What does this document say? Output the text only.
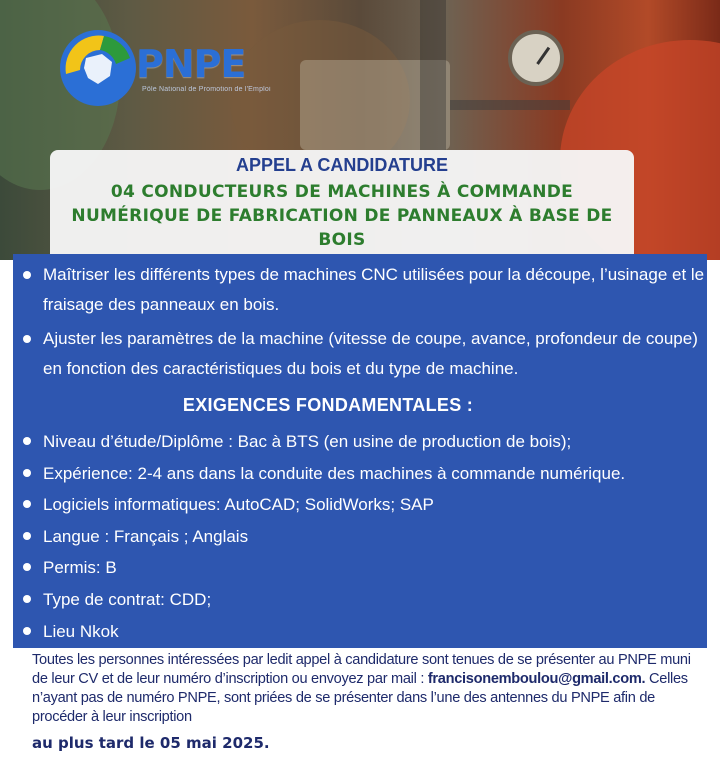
PNPE
Pôle National de Promotion de l'Emploi
APPEL A CANDIDATURE
04 CONDUCTEURS DE MACHINES À COMMANDE NUMÉRIQUE DE FABRICATION DE PANNEAUX À BASE DE BOIS
Maîtriser les différents types de machines CNC utilisées pour la découpe, l’usinage et le fraisage des panneaux en bois.
Ajuster les paramètres de la machine (vitesse de coupe, avance, profondeur de coupe) en fonction des caractéristiques du bois et du type de machine.
EXIGENCES FONDAMENTALES :
Niveau d’étude/Diplôme : Bac à BTS (en usine de production de bois);
Expérience: 2-4 ans dans la conduite des machines à commande numérique.
Logiciels informatiques: AutoCAD; SolidWorks; SAP
Langue : Français ; Anglais
Permis: B
Type de contrat: CDD;
Lieu Nkok
Toutes les personnes intéressées par ledit appel à candidature sont tenues de se présenter au PNPE muni de leur CV et de leur numéro d’inscription ou envoyez par mail : francisonemboulou@gmail.com. Celles n’ayant pas de numéro PNPE, sont priées de se présenter dans l’une des antennes du PNPE afin de procéder à leur inscription
au plus tard le 05 mai 2025.
